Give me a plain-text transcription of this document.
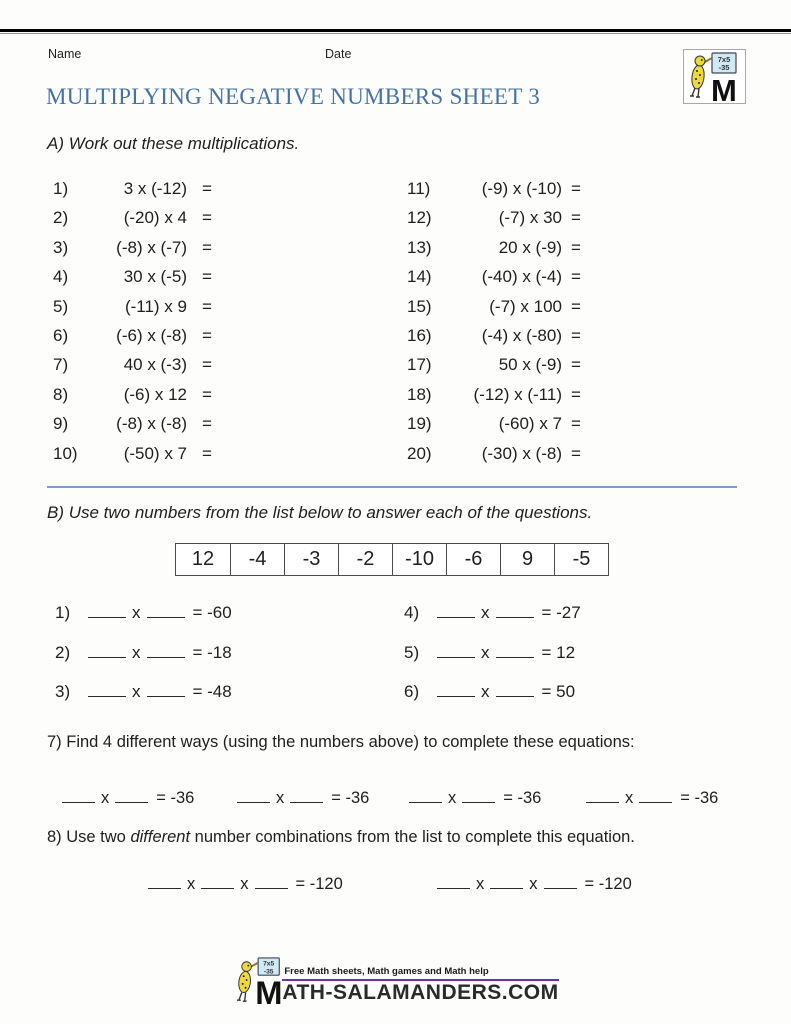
Name	Date	7x5
-35
M
MULTIPLYING NEGATIVE NUMBERS SHEET 3
A) Work out these multiplications.
1)	3 x (-12) =	11)	(-9) x (-10) =
2)	(-20) x 4 =	12)	(-7) x 30 =
3)	(-8) x (-7) =	13)	20 x (-9) =
4)	30 x (-5) =	14)	(-40) x (-4) =
5)	(-11) x 9 =	15)	(-7) x 100 =
6)	(-6) x (-8) =	16)	(-4) x (-80) =
7)	40 x (-3) =	17)	50 x (-9) =
8)	(-6) x 12 =	18)	(-12) x (-11) =
9)	(-8) x (-8) =	19)	(-60) x 7 =
10)	(-50) x 7 =	20)	(-30) x (-8) =
B) Use two numbers from the list below to answer each of the questions.
12	-4	-3	-2	-10	-6	9	-5
1)	x	= -60	4)	x	= -27
2)	x	= -18	5)	x	= 12
3)	x	= -48	6)	x	= 50
7) Find 4 different ways (using the numbers above) to complete these equations:
x	= -36	x	= -36	x	= -36	x	= -36
8) Use two different number combinations from the list to complete this equation.
x	x	= -120	x	x	= -120
7x5
-35
M
Free Math sheets, Math games and Math help
ATH-SALAMANDERS.COM
